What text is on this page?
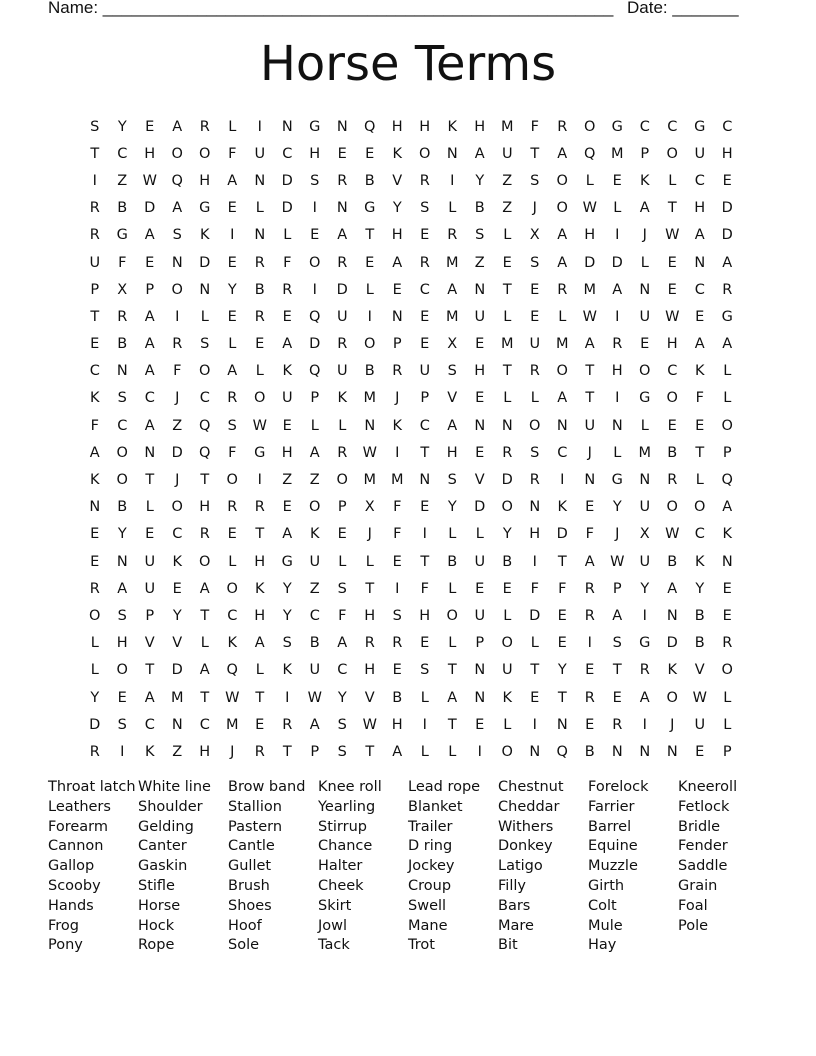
Name: ______________________________________________________ Date: _______
Horse Terms
S	Y	E	A	R	L	I	N	G	N	Q	H	H	K	H	M	F	R	O	G	C	C	G	C
T	C	H	O	O	F	U	C	H	E	E	K	O	N	A	U	T	A	Q	M	P	O	U	H
I	Z	W	Q	H	A	N	D	S	R	B	V	R	I	Y	Z	S	O	L	E	K	L	C	E
R	B	D	A	G	E	L	D	I	N	G	Y	S	L	B	Z	J	O	W	L	A	T	H	D
R	G	A	S	K	I	N	L	E	A	T	H	E	R	S	L	X	A	H	I	J	W	A	D
U	F	E	N	D	E	R	F	O	R	E	A	R	M	Z	E	S	A	D	D	L	E	N	A
P	X	P	O	N	Y	B	R	I	D	L	E	C	A	N	T	E	R	M	A	N	E	C	R
T	R	A	I	L	E	R	E	Q	U	I	N	E	M	U	L	E	L	W	I	U	W	E	G
E	B	A	R	S	L	E	A	D	R	O	P	E	X	E	M	U	M	A	R	E	H	A	A
C	N	A	F	O	A	L	K	Q	U	B	R	U	S	H	T	R	O	T	H	O	C	K	L
K	S	C	J	C	R	O	U	P	K	M	J	P	V	E	L	L	A	T	I	G	O	F	L
F	C	A	Z	Q	S	W	E	L	L	N	K	C	A	N	N	O	N	U	N	L	E	E	O
A	O	N	D	Q	F	G	H	A	R	W	I	T	H	E	R	S	C	J	L	M	B	T	P
K	O	T	J	T	O	I	Z	Z	O	M	M	N	S	V	D	R	I	N	G	N	R	L	Q
N	B	L	O	H	R	R	E	O	P	X	F	E	Y	D	O	N	K	E	Y	U	O	O	A
E	Y	E	C	R	E	T	A	K	E	J	F	I	L	L	Y	H	D	F	J	X	W	C	K
E	N	U	K	O	L	H	G	U	L	L	E	T	B	U	B	I	T	A	W	U	B	K	N
R	A	U	E	A	O	K	Y	Z	S	T	I	F	L	E	E	F	F	R	P	Y	A	Y	E
O	S	P	Y	T	C	H	Y	C	F	H	S	H	O	U	L	D	E	R	A	I	N	B	E
L	H	V	V	L	K	A	S	B	A	R	R	E	L	P	O	L	E	I	S	G	D	B	R
L	O	T	D	A	Q	L	K	U	C	H	E	S	T	N	U	T	Y	E	T	R	K	V	O
Y	E	A	M	T	W	T	I	W	Y	V	B	L	A	N	K	E	T	R	E	A	O	W	L
D	S	C	N	C	M	E	R	A	S	W	H	I	T	E	L	I	N	E	R	I	J	U	L
R	I	K	Z	H	J	R	T	P	S	T	A	L	L	I	O	N	Q	B	N	N	N	E	P
Throat latch
Leathers
Forearm
Cannon
Gallop
Scooby
Hands
Frog
Pony
White line
Shoulder
Gelding
Canter
Gaskin
Stifle
Horse
Hock
Rope
Brow band
Stallion
Pastern
Cantle
Gullet
Brush
Shoes
Hoof
Sole
Knee roll
Yearling
Stirrup
Chance
Halter
Cheek
Skirt
Jowl
Tack
Lead rope
Blanket
Trailer
D ring
Jockey
Croup
Swell
Mane
Trot
Chestnut
Cheddar
Withers
Donkey
Latigo
Filly
Bars
Mare
Bit
Forelock
Farrier
Barrel
Equine
Muzzle
Girth
Colt
Mule
Hay
Kneeroll
Fetlock
Bridle
Fender
Saddle
Grain
Foal
Pole
